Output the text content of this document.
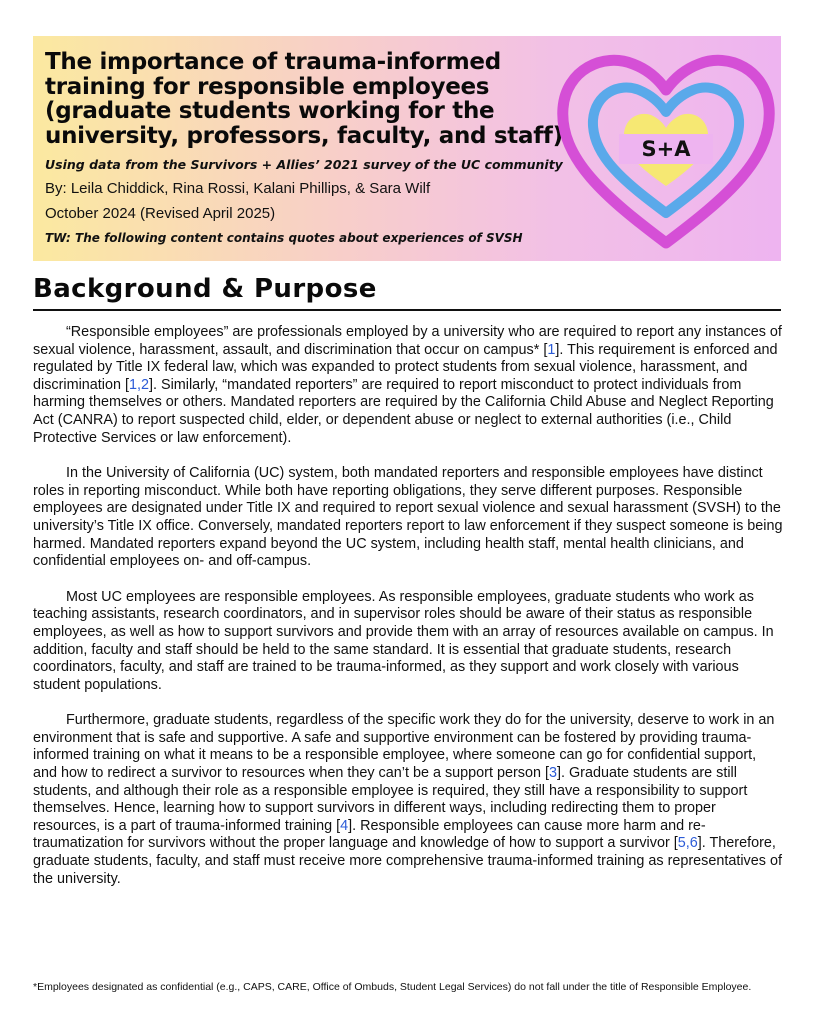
The importance of trauma-informed training for responsible employees (graduate students working for the university, professors, faculty, and staff)
Using data from the Survivors + Allies’ 2021 survey of the UC community
By: Leila Chiddick, Rina Rossi, Kalani Phillips, & Sara Wilf
October 2024 (Revised April 2025)
TW: The following content contains quotes about experiences of SVSH
S+A
Background & Purpose

“Responsible employees” are professionals employed by a university who are required to report any instances of sexual violence, harassment, assault, and discrimination that occur on campus* [1]. This requirement is enforced and regulated by Title IX federal law, which was expanded to protect students from sexual violence, harassment, and discrimination [1,2]. Similarly, “mandated reporters” are required to report misconduct to protect individuals from harming themselves or others. Mandated reporters are required by the California Child Abuse and Neglect Reporting Act (CANRA) to report suspected child, elder, or dependent abuse or neglect to external authorities (i.e., Child Protective Services or law enforcement).

In the University of California (UC) system, both mandated reporters and responsible employees have distinct roles in reporting misconduct. While both have reporting obligations, they serve different purposes. Responsible employees are designated under Title IX and required to report sexual violence and sexual harassment (SVSH) to the university’s Title IX office. Conversely, mandated reporters report to law enforcement if they suspect someone is being harmed. Mandated reporters expand beyond the UC system, including health staff, mental health clinicians, and confidential employees on- and off-campus.

Most UC employees are responsible employees. As responsible employees, graduate students who work as teaching assistants, research coordinators, and in supervisor roles should be aware of their status as responsible employees, as well as how to support survivors and provide them with an array of resources available on campus. In addition, faculty and staff should be held to the same standard. It is essential that graduate students, research coordinators, faculty, and staff are trained to be trauma-informed, as they support and work closely with various student populations.

Furthermore, graduate students, regardless of the specific work they do for the university, deserve to work in an environment that is safe and supportive. A safe and supportive environment can be fostered by providing trauma-informed training on what it means to be a responsible employee, where someone can go for confidential support, and how to redirect a survivor to resources when they can’t be a support person [3]. Graduate students are still students, and although their role as a responsible employee is required, they still have a responsibility to support themselves. Hence, learning how to support survivors in different ways, including redirecting them to proper resources, is a part of trauma-informed training [4]. Responsible employees can cause more harm and re-traumatization for survivors without the proper language and knowledge of how to support a survivor [5,6]. Therefore, graduate students, faculty, and staff must receive more comprehensive trauma-informed training as representatives of the university.

*Employees designated as confidential (e.g., CAPS, CARE, Office of Ombuds, Student Legal Services) do not fall under the title of Responsible Employee.
